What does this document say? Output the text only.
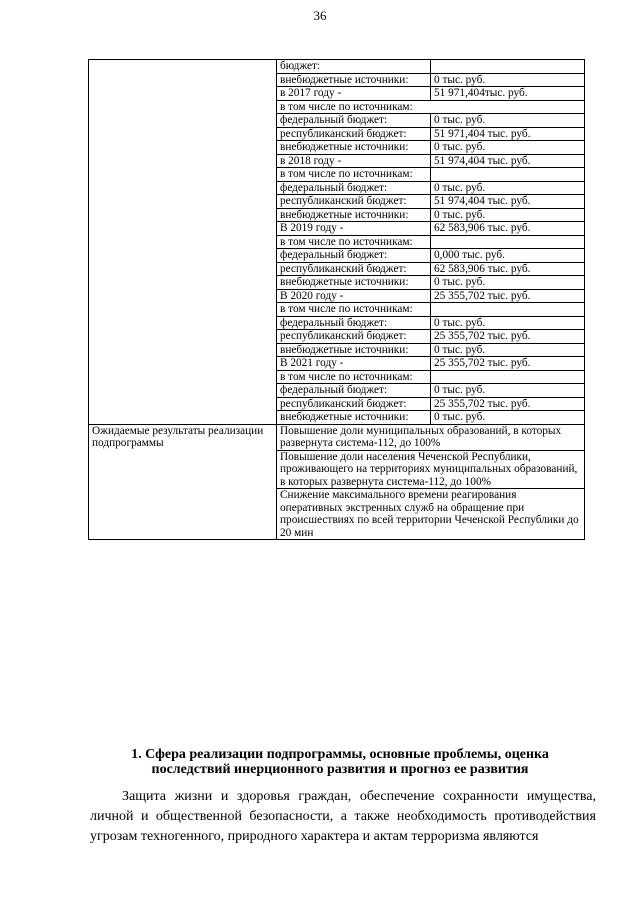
36
	бюджет:	
	внебюджетные источники:	0 тыс. руб.
	в 2017 году -	51 971,404тыс. руб.
	в том числе по источникам:	
	федеральный бюджет:	0 тыс. руб.
	республиканский бюджет:	51 971,404 тыс. руб.
	внебюджетные источники:	0 тыс. руб.
	в 2018 году -	51 974,404 тыс. руб.
	в том числе по источникам:	
	федеральный бюджет:	0 тыс. руб.
	республиканский бюджет:	51 974,404 тыс. руб.
	внебюджетные источники:	0 тыс. руб.
	В 2019 году -	62 583,906 тыс. руб.
	в том числе по источникам:	
	федеральный бюджет:	0,000 тыс. руб.
	республиканский бюджет:	62 583,906 тыс. руб.
	внебюджетные источники:	0 тыс. руб.
	В 2020 году -	25 355,702 тыс. руб.
	в том числе по источникам:	
	федеральный бюджет:	0 тыс. руб.
	республиканский бюджет:	25 355,702 тыс. руб.
	внебюджетные источники:	0 тыс. руб.
	В 2021 году -	25 355,702 тыс. руб.
	в том числе по источникам:	
	федеральный бюджет:	0 тыс. руб.
	республиканский бюджет:	25 355,702 тыс. руб.
	внебюджетные источники:	0 тыс. руб.
Ожидаемые результаты реализации подпрограммы	Повышение доли муниципальных образований, в которых развернута система-112, до 100%	
	Повышение доли населения Чеченской Республики, проживающего на территориях муниципальных образований, в которых развернута система-112, до 100%	
	Снижение максимального времени реагирования оперативных экстренных служб на обращение при происшествиях по всей территории Чеченской Республики до 20 мин	
1. Сфера реализации подпрограммы, основные проблемы, оценка последствий инерционного развития и прогноз ее развития
Защита жизни и здоровья граждан, обеспечение сохранности имущества, личной и общественной безопасности, а также необходимость противодействия угрозам техногенного, природного характера и актам терроризма являются
